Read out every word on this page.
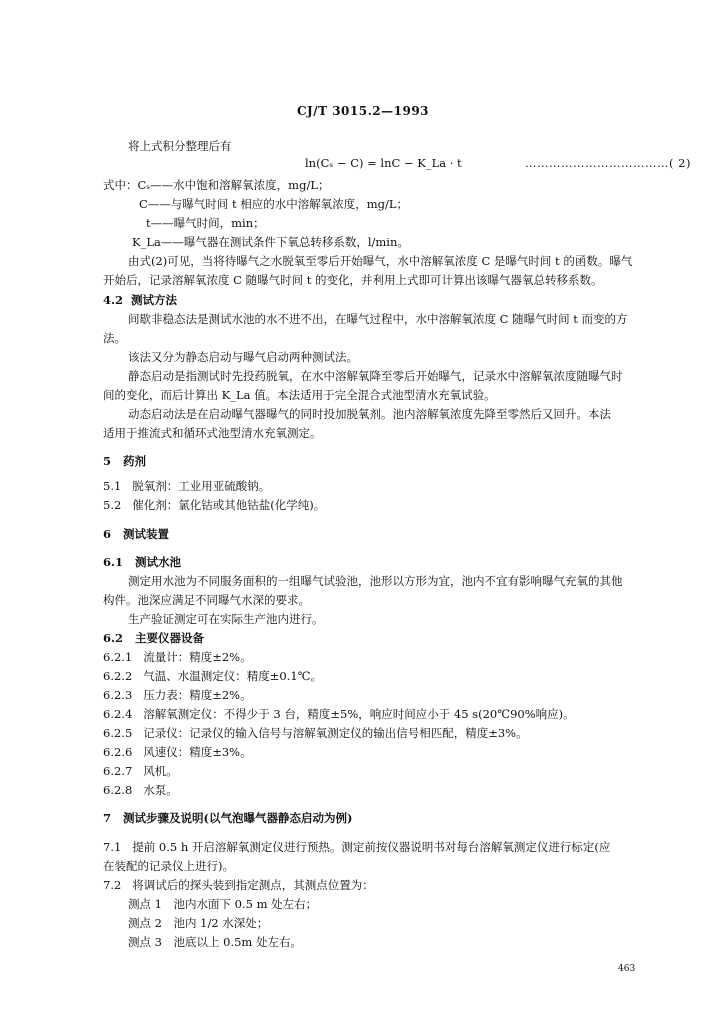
CJ/T 3015.2—1993
将上式积分整理后有
ln(Cₛ − C) = lnC − K_La · t	………………………………( 2)
式中：Cₛ——水中饱和溶解氧浓度，mg/L；
C——与曝气时间 t 相应的水中溶解氧浓度，mg/L；
t——曝气时间，min；
K_La——曝气器在测试条件下氧总转移系数，l/min。
由式(2)可见，当将待曝气之水脱氧至零后开始曝气，水中溶解氧浓度 C 是曝气时间 t 的函数。曝气
开始后，记录溶解氧浓度 C 随曝气时间 t 的变化，并利用上式即可计算出该曝气器氧总转移系数。
4.2 测试方法
间歇非稳态法是测试水池的水不进不出，在曝气过程中，水中溶解氧浓度 C 随曝气时间 t 而变的方
法。
该法又分为静态启动与曝气启动两种测试法。
静态启动是指测试时先投药脱氧，在水中溶解氧降至零后开始曝气，记录水中溶解氧浓度随曝气时
间的变化，而后计算出 K_La 值。本法适用于完全混合式池型清水充氧试验。
动态启动法是在启动曝气器曝气的同时投加脱氧剂。池内溶解氧浓度先降至零然后又回升。本法
适用于推流式和循环式池型清水充氧测定。
5 药剂
5.1 脱氧剂：工业用亚硫酸钠。
5.2 催化剂：氯化钴或其他钴盐(化学纯)。
6 测试装置
6.1 测试水池
测定用水池为不同服务面积的一组曝气试验池，池形以方形为宜，池内不宜有影响曝气充氧的其他
构件。池深应满足不同曝气水深的要求。
生产验证测定可在实际生产池内进行。
6.2 主要仪器设备
6.2.1 流量计：精度±2%。
6.2.2 气温、水温测定仪：精度±0.1℃。
6.2.3 压力表：精度±2%。
6.2.4 溶解氧测定仪：不得少于 3 台，精度±5%，响应时间应小于 45 s(20℃90%响应)。
6.2.5 记录仪：记录仪的输入信号与溶解氧测定仪的输出信号相匹配，精度±3%。
6.2.6 风速仪：精度±3%。
6.2.7 风机。
6.2.8 水泵。
7 测试步骤及说明(以气泡曝气器静态启动为例)
7.1 提前 0.5 h 开启溶解氧测定仪进行预热。测定前按仪器说明书对每台溶解氧测定仪进行标定(应
在装配的记录仪上进行)。
7.2 将调试后的探头装到指定测点，其测点位置为：
测点 1　池内水面下 0.5 m 处左右；
测点 2　池内 1/2 水深处；
测点 3　池底以上 0.5m 处左右。
463
